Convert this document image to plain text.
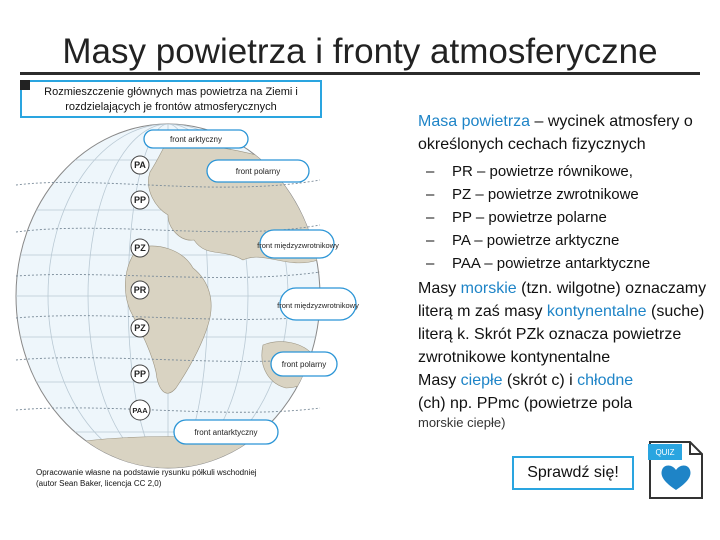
Masy powietrza i fronty atmosferyczne
Rozmieszczenie głównych mas powietrza na Ziemi i rozdzielających je frontów atmosferycznych
front arktyczny
front polarny
front międzyzwrotnikowy
front międzyzwrotnikowy
front polarny
front antarktyczny
PA
PP
PZ
PR
PZ
PP
PAA
Opracowanie własne na podstawie rysunku półkuli wschodniej
(autor Sean Baker, licencja CC 2,0)
Masa powietrza – wycinek atmosfery o określonych cechach fizycznych
– PR – powietrze równikowe,
– PZ – powietrze zwrotnikowe
– PP – powietrze polarne
– PA – powietrze arktyczne
– PAA – powietrze antarktyczne
Masy morskie (tzn. wilgotne) oznaczamy literą m zaś masy kontynentalne (suche) literą k. Skrót PZk oznacza powietrze zwrotnikowe kontynentalne
Masy ciepłe (skrót c) i chłodne
(ch) np. PPmc (powietrze pola
morskie ciepłe)
Sprawdź się!
QUIZ
